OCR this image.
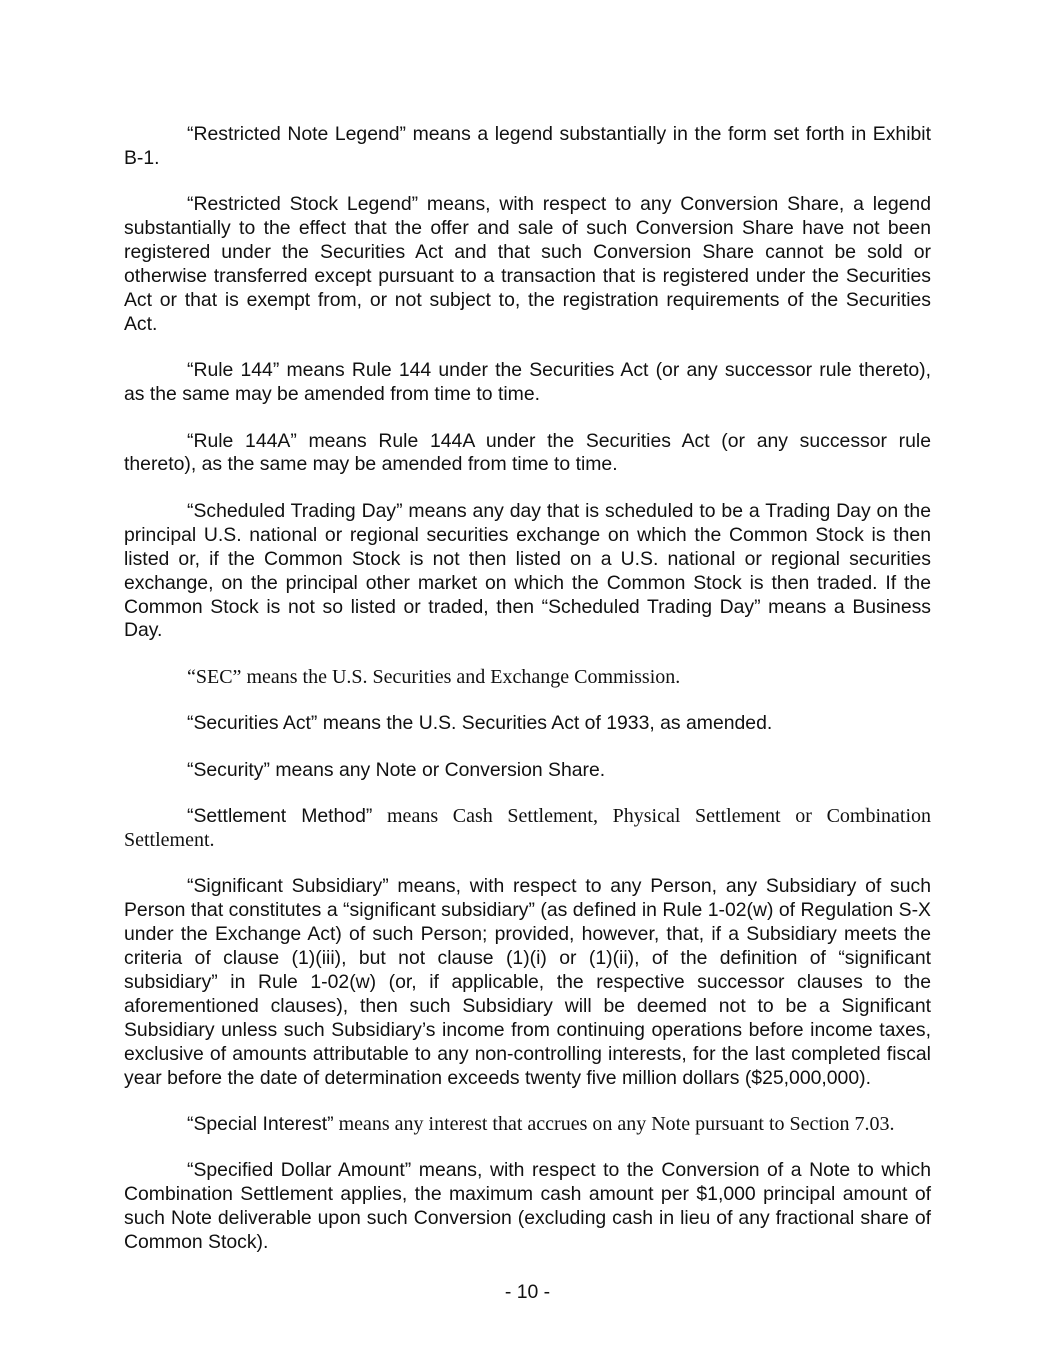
“Restricted Note Legend” means a legend substantially in the form set forth in Exhibit B-1.

“Restricted Stock Legend” means, with respect to any Conversion Share, a legend substantially to the effect that the offer and sale of such Conversion Share have not been registered under the Securities Act and that such Conversion Share cannot be sold or otherwise transferred except pursuant to a transaction that is registered under the Securities Act or that is exempt from, or not subject to, the registration requirements of the Securities Act.

“Rule 144” means Rule 144 under the Securities Act (or any successor rule thereto), as the same may be amended from time to time.

“Rule 144A” means Rule 144A under the Securities Act (or any successor rule thereto), as the same may be amended from time to time.

“Scheduled Trading Day” means any day that is scheduled to be a Trading Day on the principal U.S. national or regional securities exchange on which the Common Stock is then listed or, if the Common Stock is not then listed on a U.S. national or regional securities exchange, on the principal other market on which the Common Stock is then traded. If the Common Stock is not so listed or traded, then “Scheduled Trading Day” means a Business Day.

“SEC” means the U.S. Securities and Exchange Commission.

“Securities Act” means the U.S. Securities Act of 1933, as amended.

“Security” means any Note or Conversion Share.

“Settlement Method” means Cash Settlement, Physical Settlement or Combination Settlement.

“Significant Subsidiary” means, with respect to any Person, any Subsidiary of such Person that constitutes a “significant subsidiary” (as defined in Rule 1-02(w) of Regulation S-X under the Exchange Act) of such Person; provided, however, that, if a Subsidiary meets the criteria of clause (1)(iii), but not clause (1)(i) or (1)(ii), of the definition of “significant subsidiary” in Rule 1-02(w) (or, if applicable, the respective successor clauses to the aforementioned clauses), then such Subsidiary will be deemed not to be a Significant Subsidiary unless such Subsidiary’s income from continuing operations before income taxes, exclusive of amounts attributable to any non-controlling interests, for the last completed fiscal year before the date of determination exceeds twenty five million dollars ($25,000,000).

“Special Interest” means any interest that accrues on any Note pursuant to Section 7.03.

“Specified Dollar Amount” means, with respect to the Conversion of a Note to which Combination Settlement applies, the maximum cash amount per $1,000 principal amount of such Note deliverable upon such Conversion (excluding cash in lieu of any fractional share of Common Stock).

- 10 -
